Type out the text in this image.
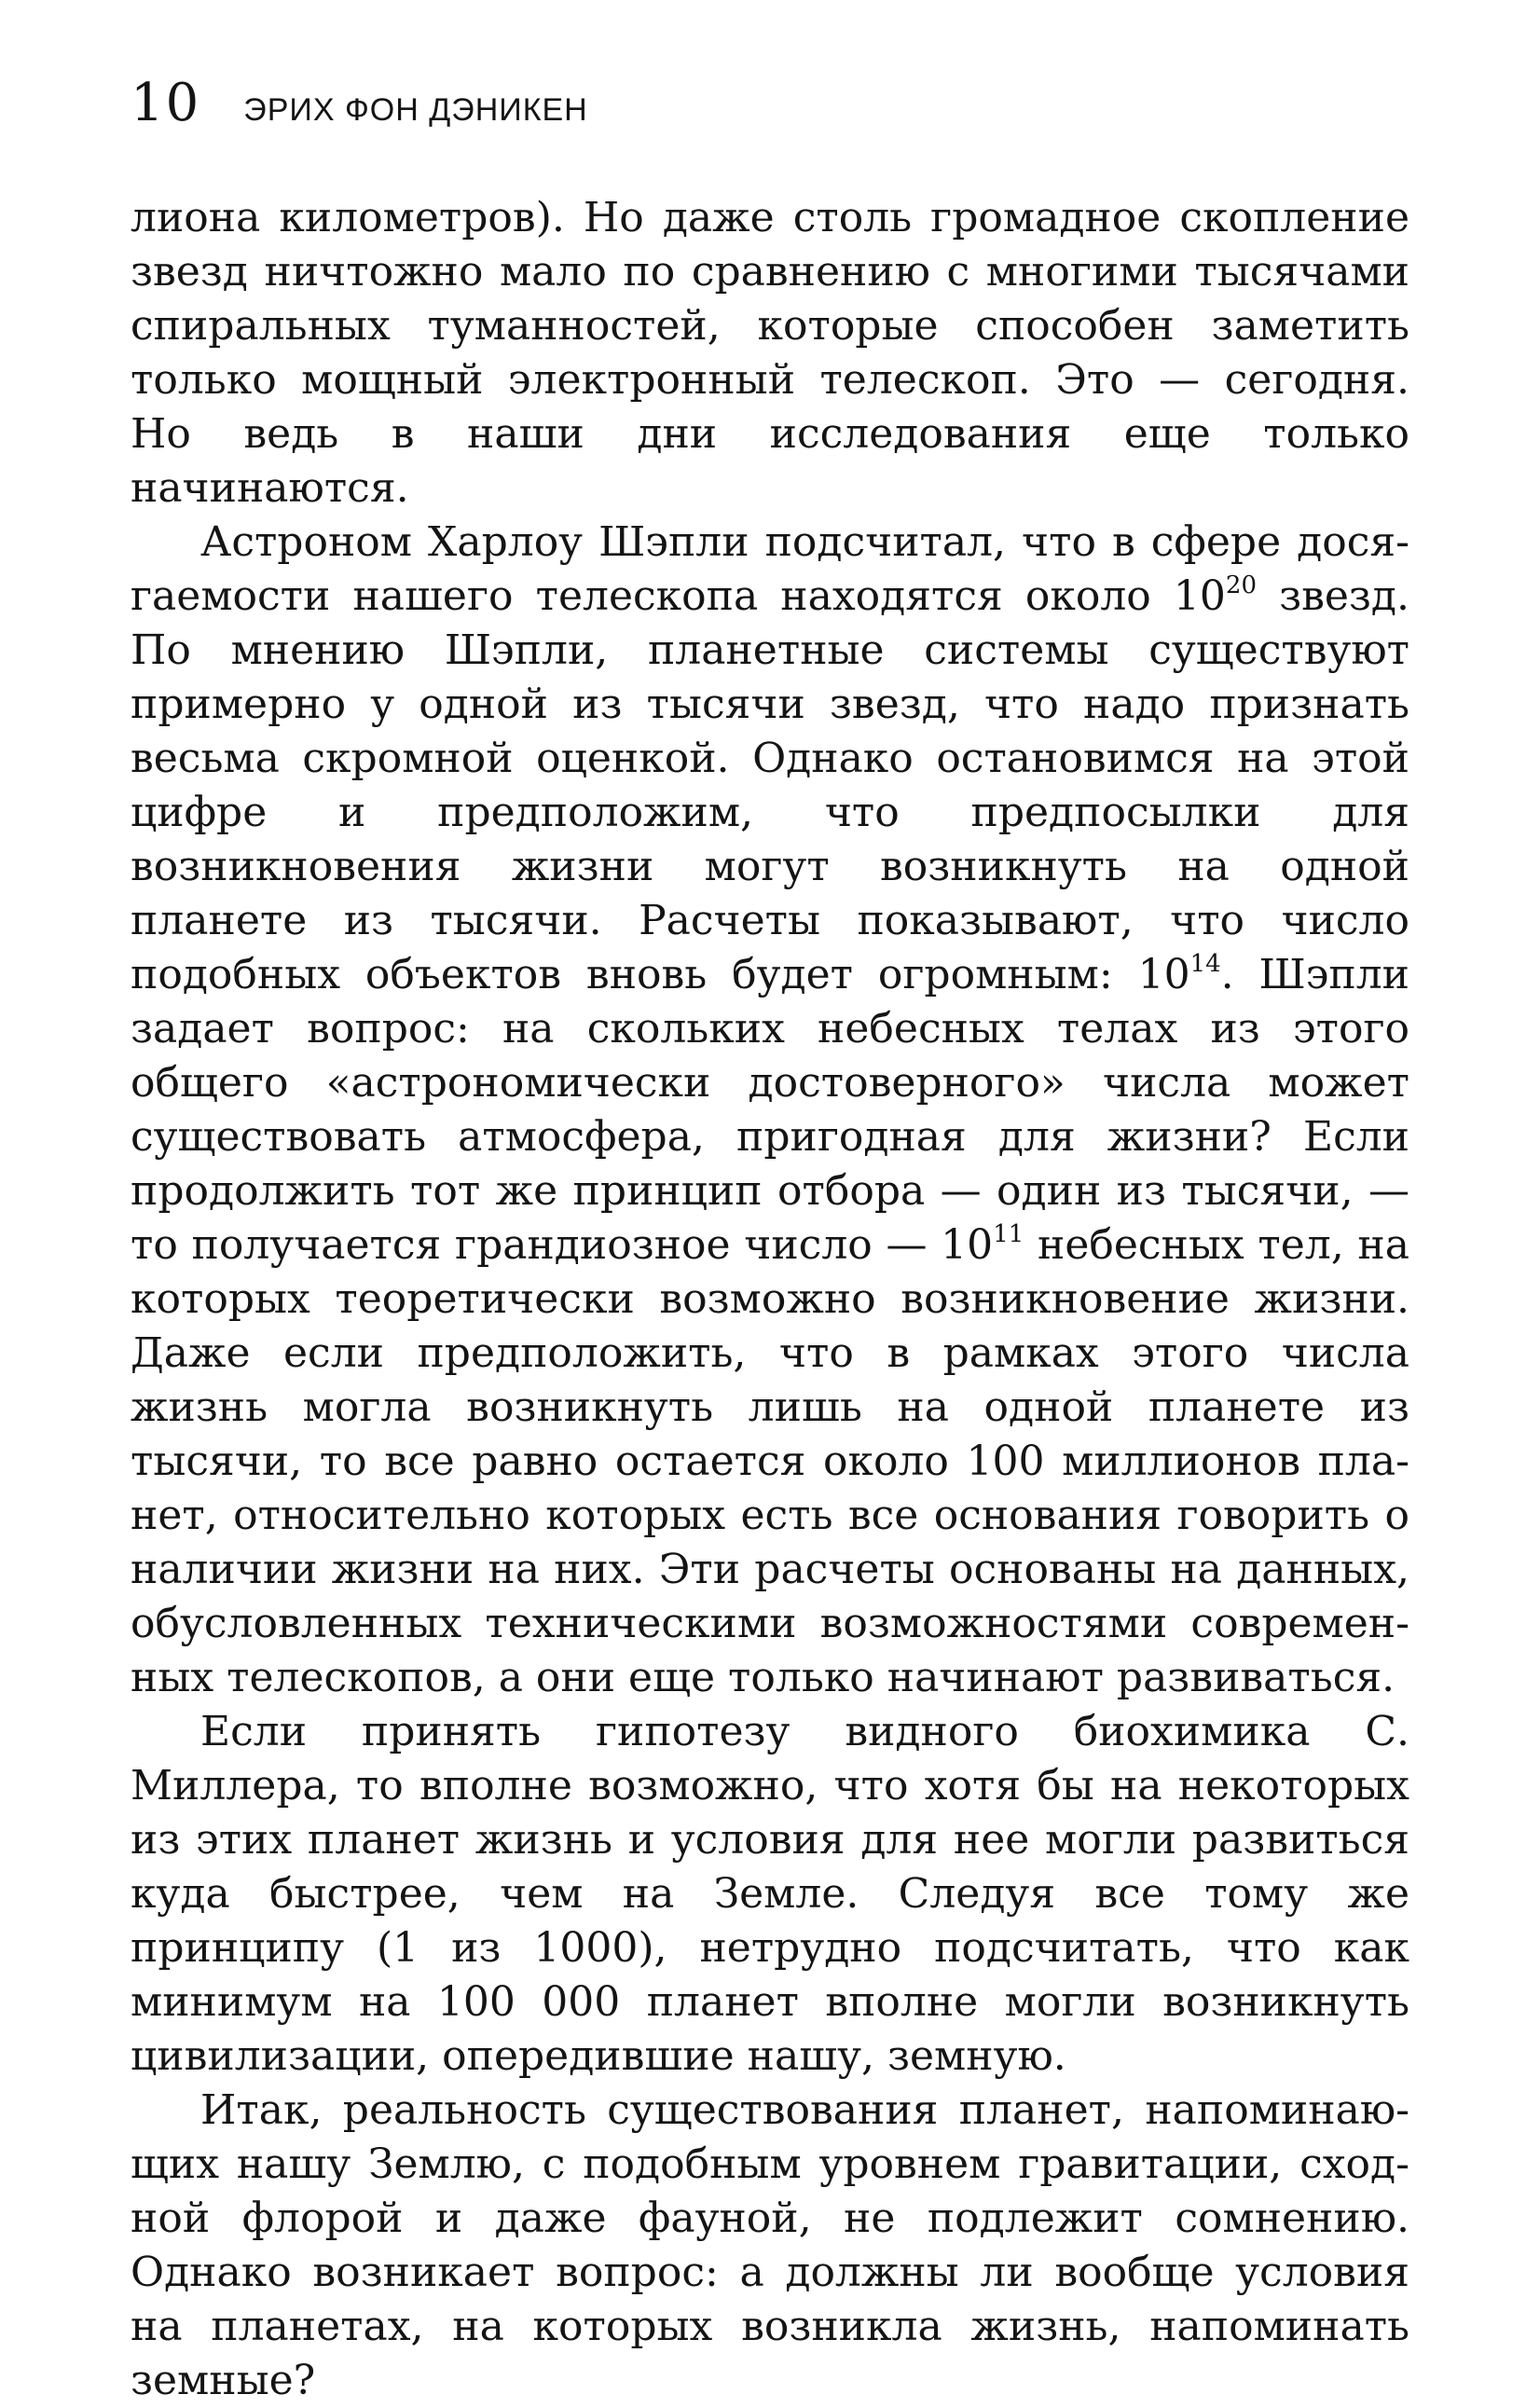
10 ЭРИХ ФОН ДЭНИКЕН

лиона километров). Но даже столь громадное скопление звезд ничтожно мало по сравнению с многими тысячами спиральных туманностей, которые способен заметить только мощный электронный телескоп. Это — сегодня. Но ведь в наши дни исследования еще только начинаются.

Астроном Харлоу Шэпли подсчитал, что в сфере досягаемости нашего телескопа находятся около $10^{20}$ звезд. По мнению Шэпли, планетные системы существуют примерно у одной из тысячи звезд, что надо признать весьма скромной оценкой. Однако остановимся на этой цифре и предположим, что предпосылки для возникновения жизни могут возникнуть на одной планете из тысячи. Расчеты показывают, что число подобных объектов вновь будет огромным: $10^{14}$. Шэпли задает вопрос: на скольких небесных телах из этого общего «астрономически достоверного» числа может существовать атмосфера, пригодная для жизни? Если продолжить тот же принцип отбора — один из тысячи, — то получается грандиозное число — $10^{11}$ небесных тел, на которых теоретически возможно возникновение жизни. Даже если предположить, что в рамках этого числа жизнь могла возникнуть лишь на одной планете из тысячи, то все равно остается около 100 миллионов планет, относительно которых есть все основания говорить о наличии жизни на них. Эти расчеты основаны на данных, обусловленных техническими возможностями современных телескопов, а они еще только начинают развиваться.

Если принять гипотезу видного биохимика С. Миллера, то вполне возможно, что хотя бы на некоторых из этих планет жизнь и условия для нее могли развиться куда быстрее, чем на Земле. Следуя все тому же принципу (1 из 1000), нетрудно подсчитать, что как минимум на 100 000 планет вполне могли возникнуть цивилизации, опередившие нашу, земную.

Итак, реальность существования планет, напоминающих нашу Землю, с подобным уровнем гравитации, сходной флорой и даже фауной, не подлежит сомнению. Однако возникает вопрос: а должны ли вообще условия на планетах, на которых возникла жизнь, напоминать земные?
